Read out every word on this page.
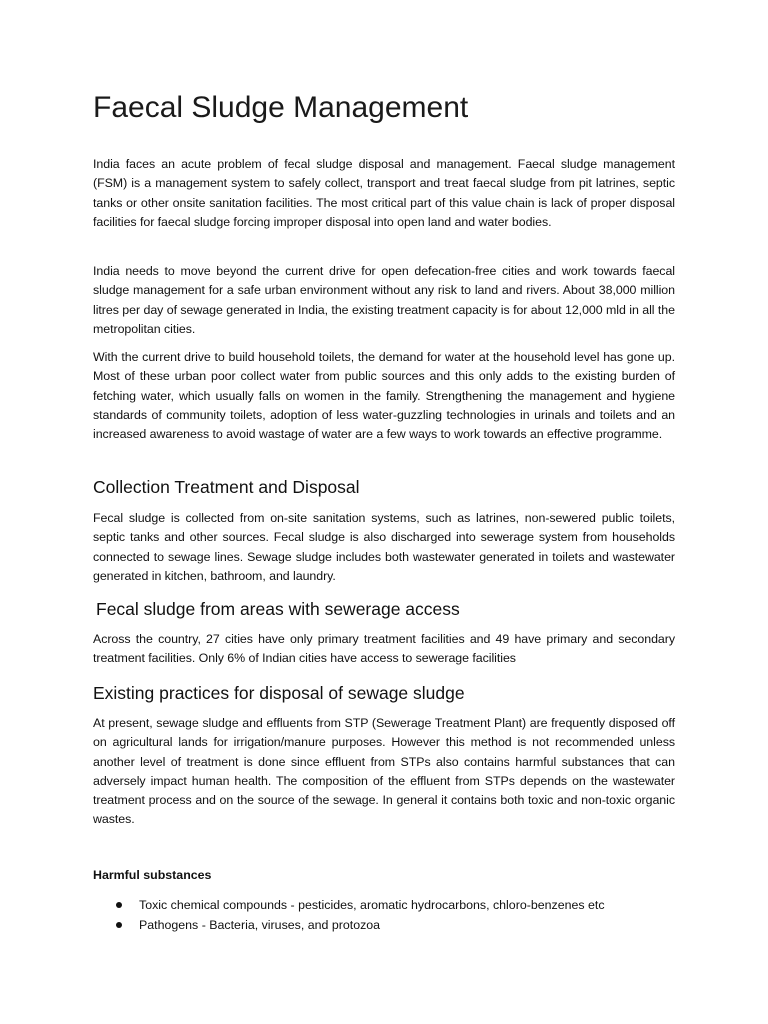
Faecal Sludge Management

India faces an acute problem of fecal sludge disposal and management. Faecal sludge management (FSM) is a management system to safely collect, transport and treat faecal sludge from pit latrines, septic tanks or other onsite sanitation facilities. The most critical part of this value chain is lack of proper disposal facilities for faecal sludge forcing improper disposal into open land and water bodies.

India needs to move beyond the current drive for open defecation-free cities and work towards faecal sludge management for a safe urban environment without any risk to land and rivers. About 38,000 million litres per day of sewage generated in India, the existing treatment capacity is for about 12,000 mld in all the metropolitan cities.

With the current drive to build household toilets, the demand for water at the household level has gone up. Most of these urban poor collect water from public sources and this only adds to the existing burden of fetching water, which usually falls on women in the family. Strengthening the management and hygiene standards of community toilets, adoption of less water-guzzling technologies in urinals and toilets and an increased awareness to avoid wastage of water are a few ways to work towards an effective programme.

Collection Treatment and Disposal

Fecal sludge is collected from on-site sanitation systems, such as latrines, non-sewered public toilets, septic tanks and other sources. Fecal sludge is also discharged into sewerage system from households connected to sewage lines. Sewage sludge includes both wastewater generated in toilets and wastewater generated in kitchen, bathroom, and laundry.

Fecal sludge from areas with sewerage access

Across the country, 27 cities have only primary treatment facilities and 49 have primary and secondary treatment facilities. Only 6% of Indian cities have access to sewerage facilities

Existing practices for disposal of sewage sludge

At present, sewage sludge and effluents from STP (Sewerage Treatment Plant) are frequently disposed off on agricultural lands for irrigation/manure purposes. However this method is not recommended unless another level of treatment is done since effluent from STPs also contains harmful substances that can adversely impact human health. The composition of the effluent from STPs depends on the wastewater treatment process and on the source of the sewage. In general it contains both toxic and non-toxic organic wastes.

Harmful substances

Toxic chemical compounds - pesticides, aromatic hydrocarbons, chloro-benzenes etc
Pathogens - Bacteria, viruses, and protozoa
